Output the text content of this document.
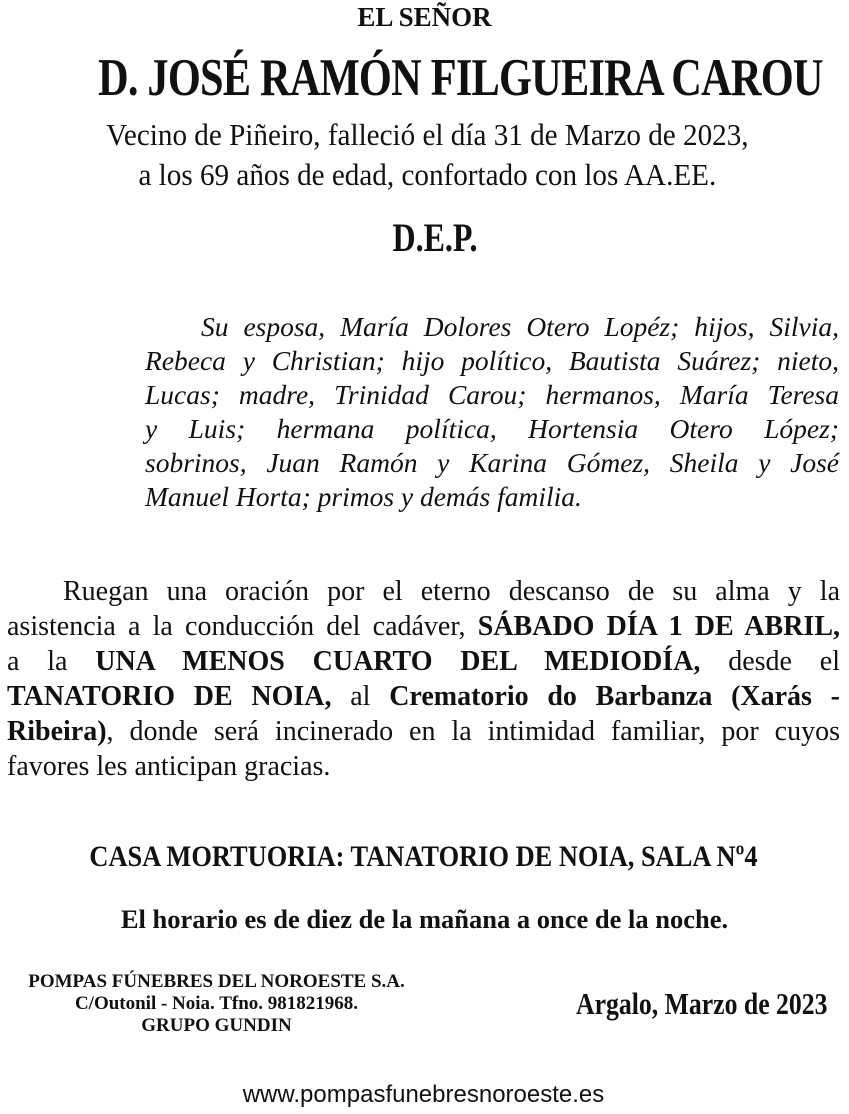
EL SEÑOR
D. JOSÉ RAMÓN FILGUEIRA CAROU
Vecino de Piñeiro, falleció el día 31 de Marzo de 2023,
a los 69 años de edad, confortado con los AA.EE.
D.E.P.
Su esposa, María Dolores Otero Lopéz; hijos, Silvia,
Rebeca y Christian; hijo político, Bautista Suárez; nieto,
Lucas; madre, Trinidad Carou; hermanos, María Teresa
y Luis; hermana política, Hortensia Otero López;
sobrinos, Juan Ramón y Karina Gómez, Sheila y José
Manuel Horta; primos y demás familia.
Ruegan una oración por el eterno descanso de su alma y la
asistencia a la conducción del cadáver, SÁBADO DÍA 1 DE ABRIL,
a la UNA MENOS CUARTO DEL MEDIODÍA, desde el
TANATORIO DE NOIA, al Crematorio do Barbanza (Xarás -
Ribeira), donde será incinerado en la intimidad familiar, por cuyos
favores les anticipan gracias.
CASA MORTUORIA: TANATORIO DE NOIA, SALA Nº4
El horario es de diez de la mañana a once de la noche.
POMPAS FÚNEBRES DEL NOROESTE S.A.
C/Outonil - Noia. Tfno. 981821968.
GRUPO GUNDIN
Argalo, Marzo de 2023
www.pompasfunebresnoroeste.es
